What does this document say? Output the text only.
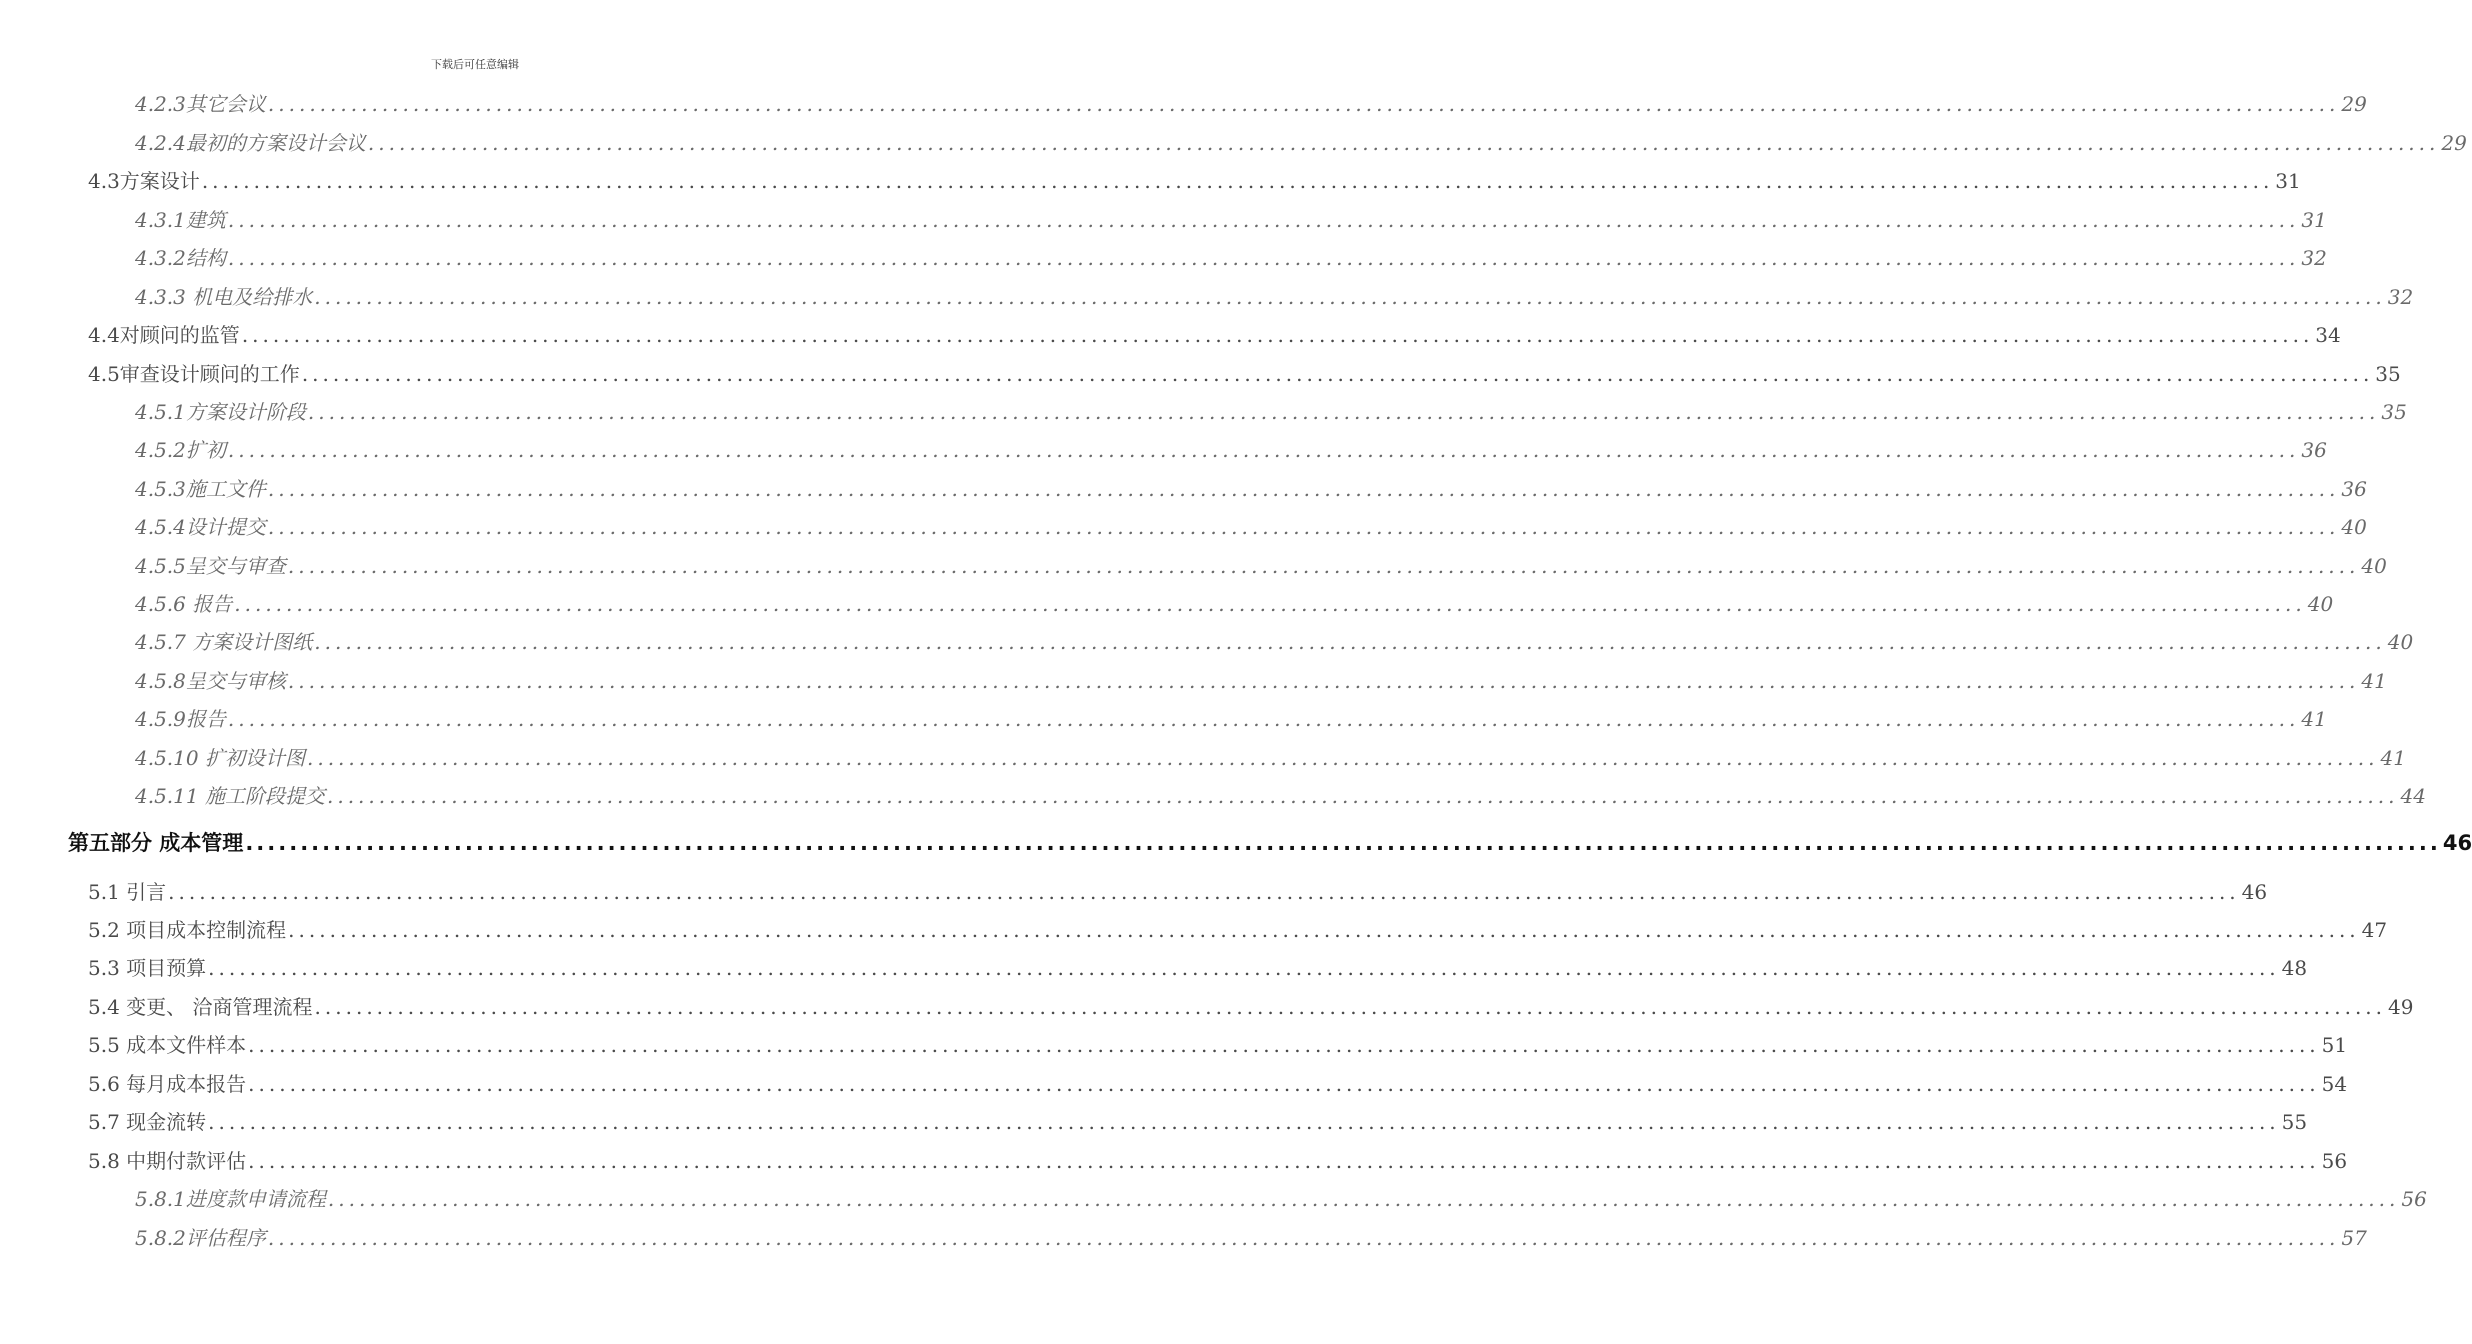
下载后可任意编辑
4.2.3其它会议 ........................................................................................................................................................................................................ 29
4.2.4最初的方案设计会议 ........................................................................................................................................................................................................ 29
4.3方案设计 ........................................................................................................................................................................................................ 31
4.3.1建筑 ........................................................................................................................................................................................................ 31
4.3.2结构 ........................................................................................................................................................................................................ 32
4.3.3 机电及给排水 ........................................................................................................................................................................................................ 32
4.4对顾问的监管 ........................................................................................................................................................................................................ 34
4.5审查设计顾问的工作 ........................................................................................................................................................................................................ 35
4.5.1方案设计阶段 ........................................................................................................................................................................................................ 35
4.5.2扩初 ........................................................................................................................................................................................................ 36
4.5.3施工文件 ........................................................................................................................................................................................................ 36
4.5.4设计提交 ........................................................................................................................................................................................................ 40
4.5.5呈交与审查 ........................................................................................................................................................................................................ 40
4.5.6 报告 ........................................................................................................................................................................................................ 40
4.5.7 方案设计图纸 ........................................................................................................................................................................................................ 40
4.5.8呈交与审核 ........................................................................................................................................................................................................ 41
4.5.9报告 ........................................................................................................................................................................................................ 41
4.5.10 扩初设计图 ........................................................................................................................................................................................................ 41
4.5.11 施工阶段提交 ........................................................................................................................................................................................................ 44
第五部分 成本管理 ........................................................................................................................................................................................................ 46
5.1 引言 ........................................................................................................................................................................................................ 46
5.2 项目成本控制流程 ........................................................................................................................................................................................................ 47
5.3 项目预算 ........................................................................................................................................................................................................ 48
5.4 变更、 洽商管理流程 ........................................................................................................................................................................................................ 49
5.5 成本文件样本 ........................................................................................................................................................................................................ 51
5.6 每月成本报告 ........................................................................................................................................................................................................ 54
5.7 现金流转 ........................................................................................................................................................................................................ 55
5.8 中期付款评估 ........................................................................................................................................................................................................ 56
5.8.1进度款申请流程 ........................................................................................................................................................................................................ 56
5.8.2评估程序 ........................................................................................................................................................................................................ 57
